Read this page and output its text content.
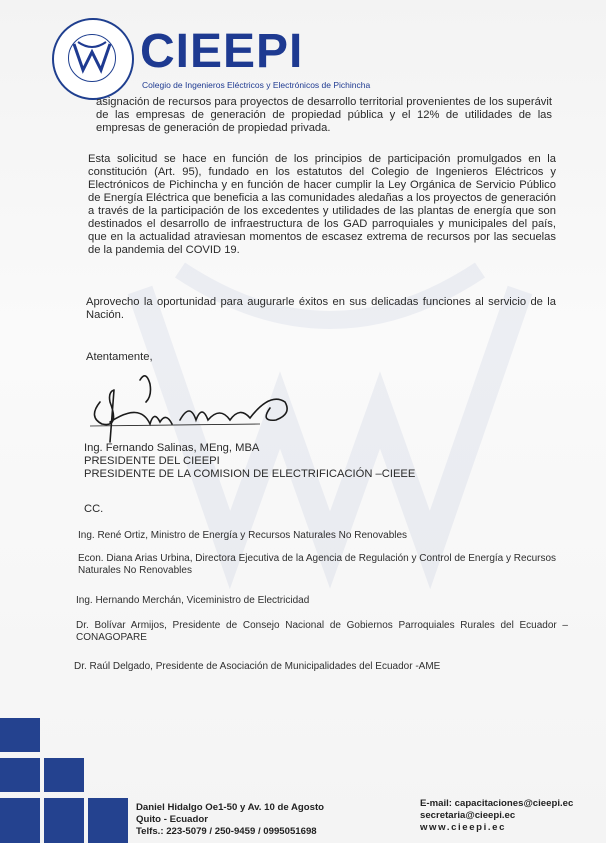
CIEEPI
Colegio de Ingenieros Eléctricos y Electrónicos de Pichincha

asignación de recursos para proyectos de desarrollo territorial provenientes de los superávit de las empresas de generación de propiedad pública y el 12% de utilidades de las empresas de generación de propiedad privada.

Esta solicitud se hace en función de los principios de participación promulgados en la constitución (Art. 95), fundado en los estatutos del Colegio de Ingenieros Eléctricos y Electrónicos de Pichincha y en función de hacer cumplir la Ley Orgánica de Servicio Público de Energía Eléctrica que beneficia a las comunidades aledañas a los proyectos de generación a través de la participación de los excedentes y utilidades de las plantas de energía que son destinados el desarrollo de infraestructura de los GAD parroquiales y municipales del país, que en la actualidad atraviesan momentos de escasez extrema de recursos por las secuelas de la pandemia del COVID 19.

Aprovecho la oportunidad para augurarle éxitos en sus delicadas funciones al servicio de la Nación.

Atentamente,
Ing. Fernando Salinas, MEng, MBA
PRESIDENTE DEL CIEEPI
PRESIDENTE DE LA COMISION DE ELECTRIFICACIÓN –CIEEE
CC.
Ing. René Ortiz, Ministro de Energía y Recursos Naturales No Renovables
Econ. Diana Arias Urbina, Directora Ejecutiva de la Agencia de Regulación y Control de Energía y Recursos Naturales No Renovables
Ing. Hernando Merchán, Viceministro de Electricidad
Dr. Bolívar Armijos, Presidente de Consejo Nacional de Gobiernos Parroquiales Rurales del Ecuador –CONAGOPARE
Dr. Raúl Delgado, Presidente de Asociación de Municipalidades del Ecuador -AME
Daniel Hidalgo Oe1-50 y Av. 10 de Agosto
Quito - Ecuador
Telfs.: 223-5079 / 250-9459 / 0995051698
E-mail: capacitaciones@cieepi.ec
secretaria@cieepi.ec
www.cieepi.ec
